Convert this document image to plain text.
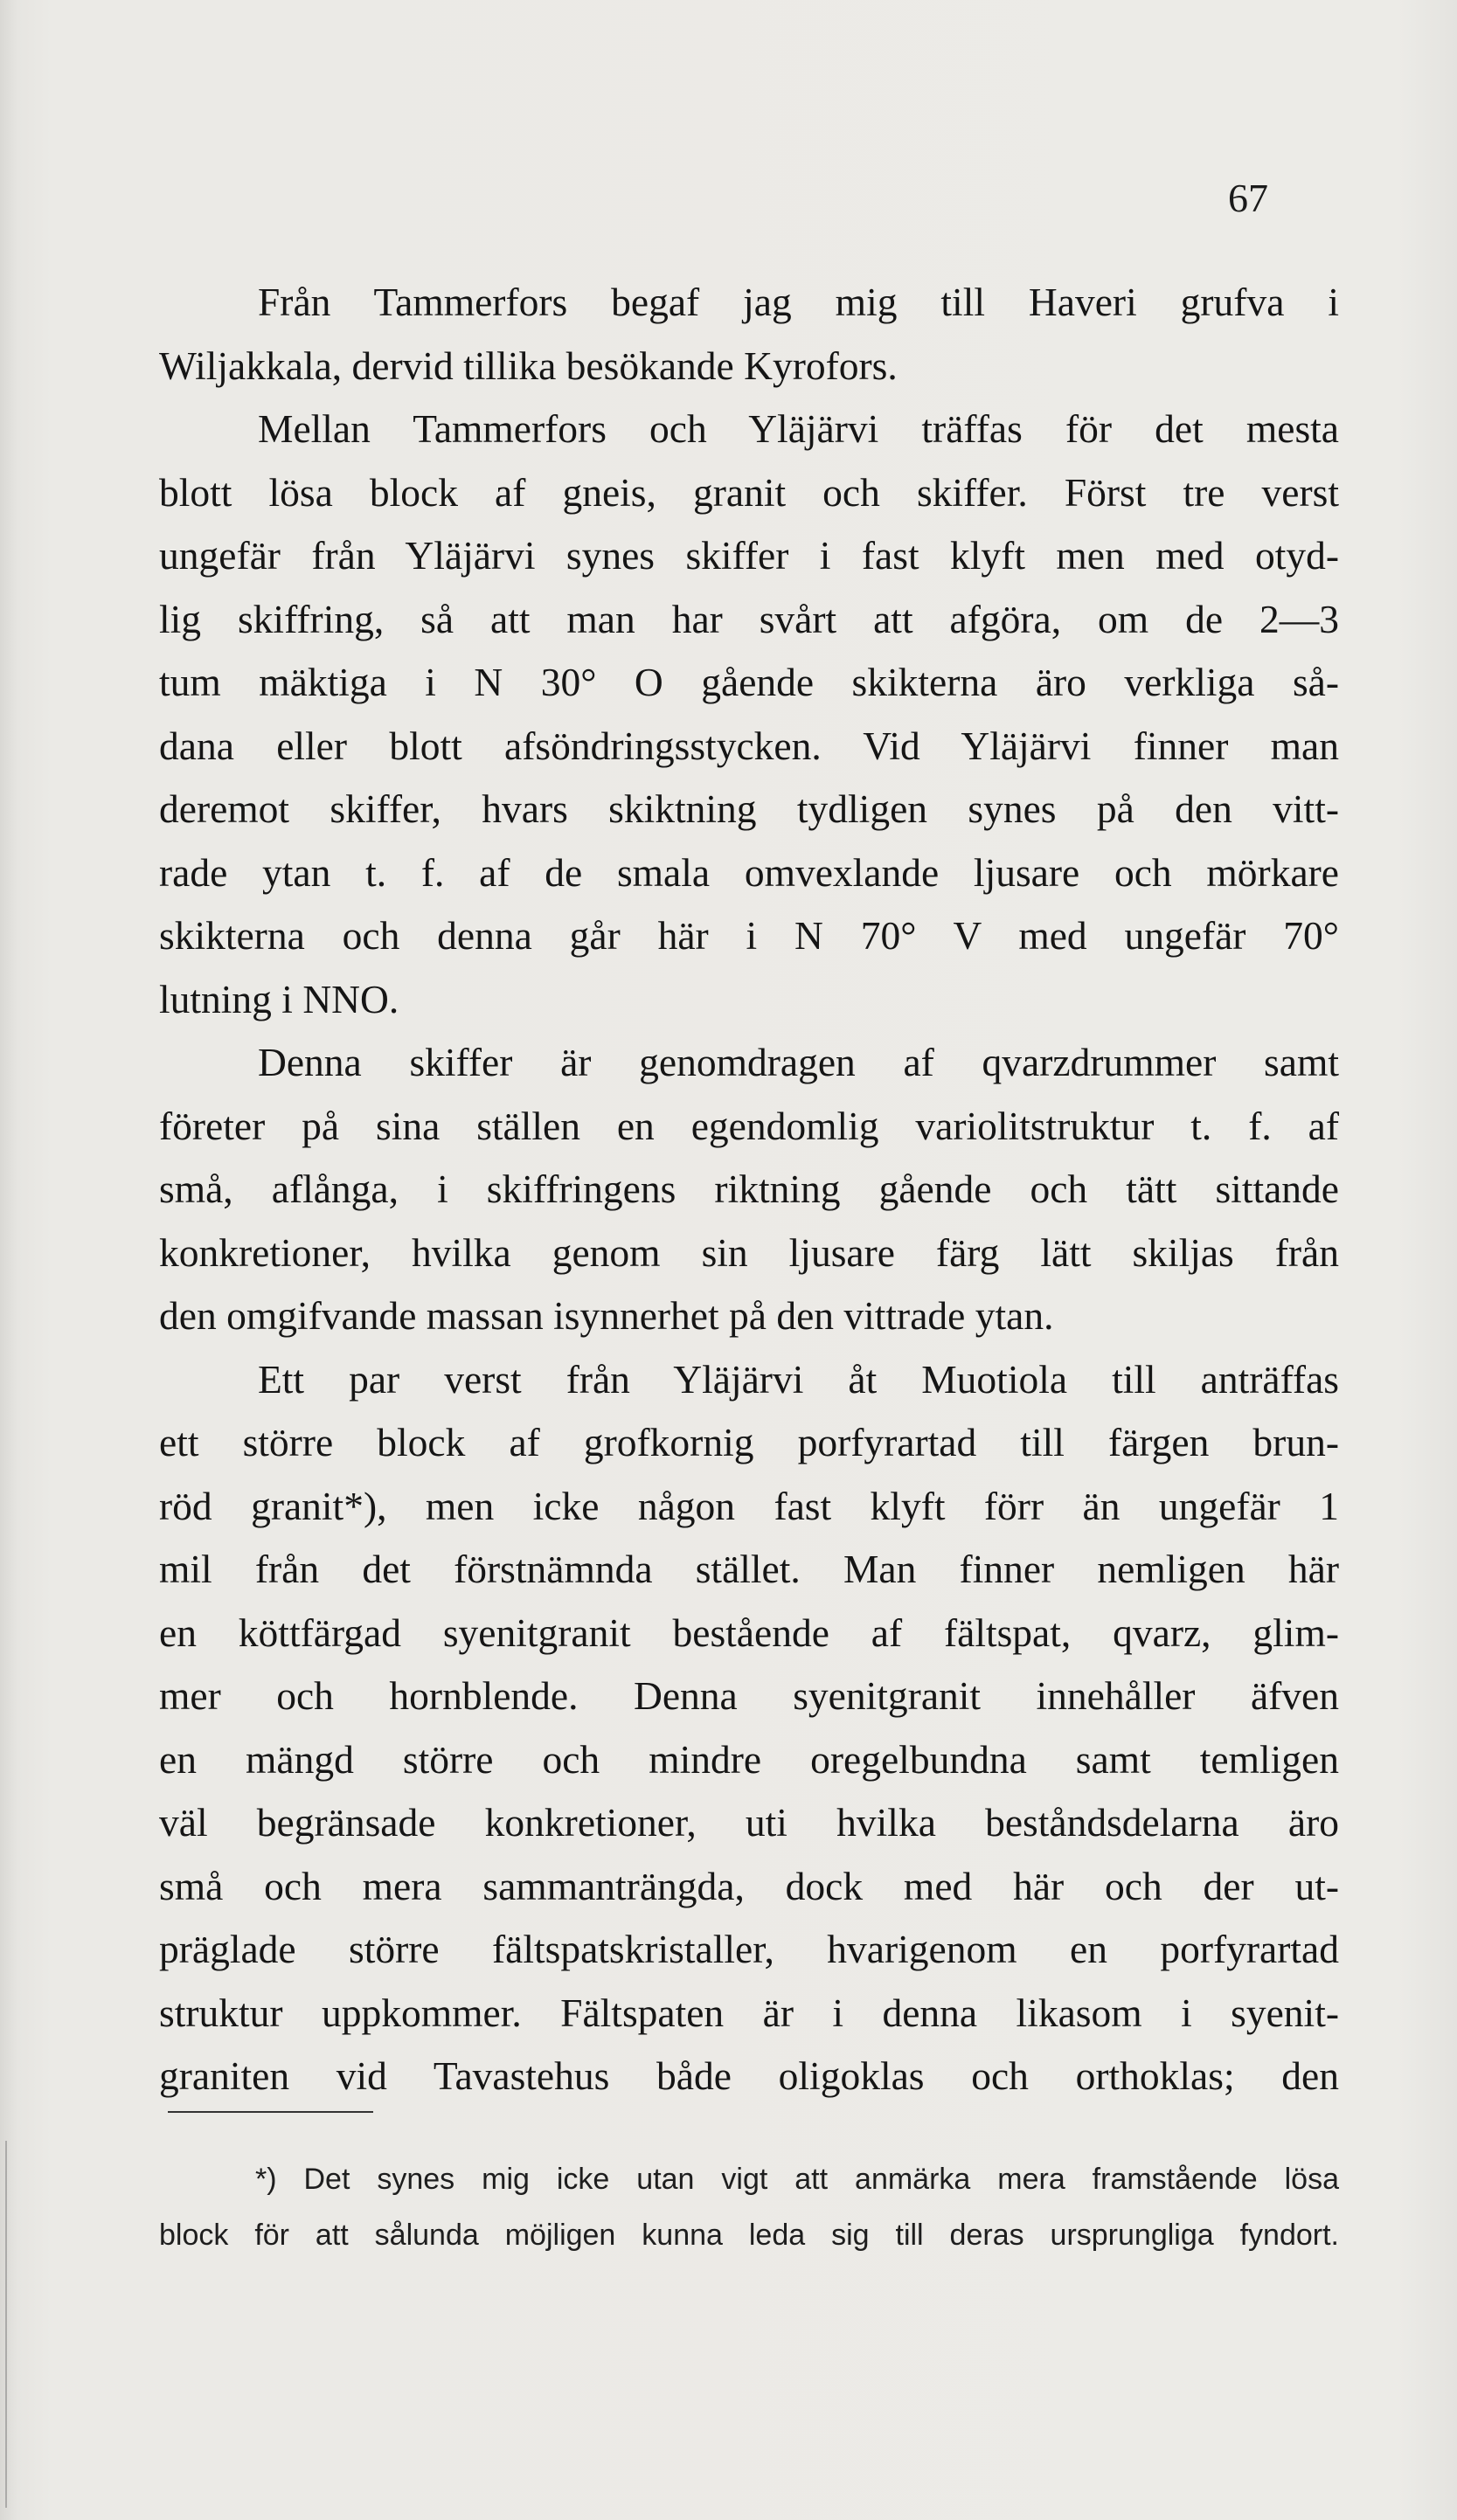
67

Från Tammerfors begaf jag mig till Haveri grufva i
Wiljakkala, dervid tillika besökande Kyrofors.
Mellan Tammerfors och Yläjärvi träffas för det mesta
blott lösa block af gneis, granit och skiffer. Först tre verst
ungefär från Yläjärvi synes skiffer i fast klyft men med otyd-
lig skiffring, så att man har svårt att afgöra, om de 2—3
tum mäktiga i N 30° O gående skikterna äro verkliga så-
dana eller blott afsöndringsstycken. Vid Yläjärvi finner man
deremot skiffer, hvars skiktning tydligen synes på den vitt-
rade ytan t. f. af de smala omvexlande ljusare och mörkare
skikterna och denna går här i N 70° V med ungefär 70°
lutning i NNO.
Denna skiffer är genomdragen af qvarzdrummer samt
företer på sina ställen en egendomlig variolitstruktur t. f. af
små, aflånga, i skiffringens riktning gående och tätt sittande
konkretioner, hvilka genom sin ljusare färg lätt skiljas från
den omgifvande massan isynnerhet på den vittrade ytan.
Ett par verst från Yläjärvi åt Muotiola till anträffas
ett större block af grofkornig porfyrartad till färgen brun-
röd granit*), men icke någon fast klyft förr än ungefär 1
mil från det förstnämnda stället. Man finner nemligen här
en köttfärgad syenitgranit bestående af fältspat, qvarz, glim-
mer och hornblende. Denna syenitgranit innehåller äfven
en mängd större och mindre oregelbundna samt temligen
väl begränsade konkretioner, uti hvilka beståndsdelarna äro
små och mera sammanträngda, dock med här och der ut-
präglade större fältspatskristaller, hvarigenom en porfyrartad
struktur uppkommer. Fältspaten är i denna likasom i syenit-
graniten vid Tavastehus både oligoklas och orthoklas; den
*) Det synes mig icke utan vigt att anmärka mera framstående lösa
block för att sålunda möjligen kunna leda sig till deras ursprungliga fyndort.
